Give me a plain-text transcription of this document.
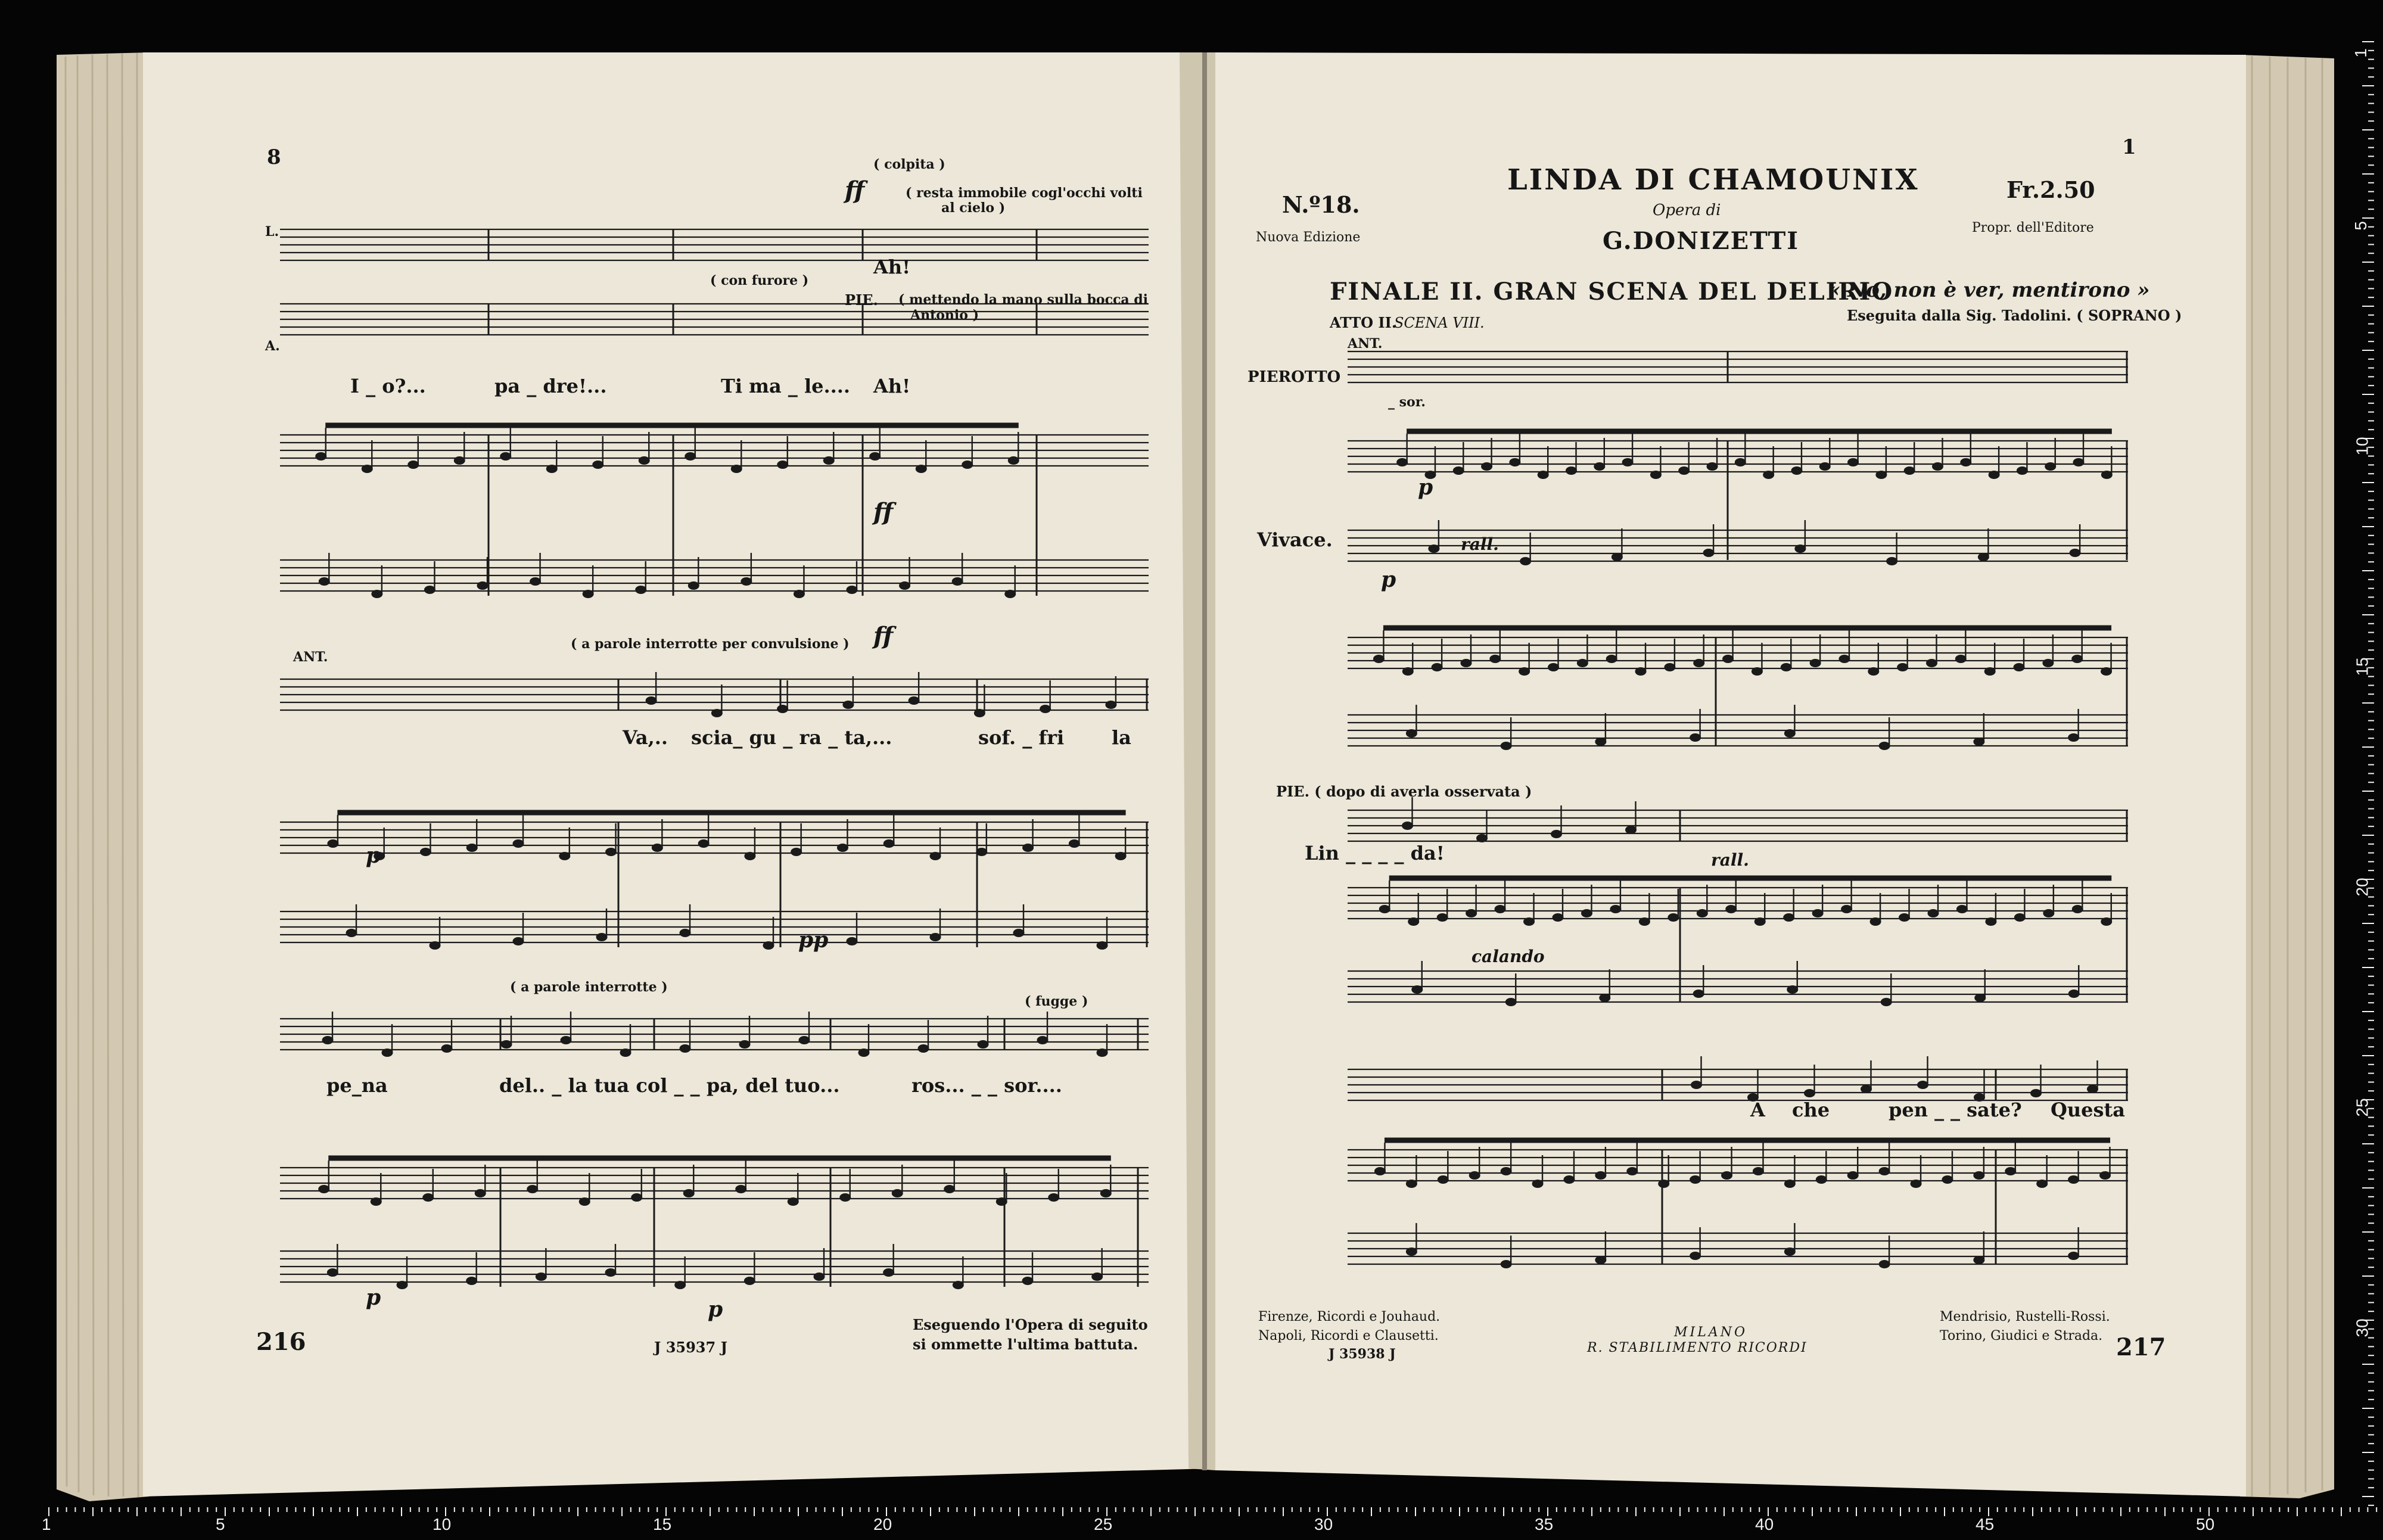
8
216	J 35937 J
L.
A.
( colpita )
( resta immobile cogl'occhi volti
al cielo )
ff
Ah!
( con furore )
PIE. ( mettendo la mano sulla bocca di
Antonio )
I _ o?...	pa _ dre!...	Ti ma _ le.... Ah!
ff
ff
ANT.
( a parole interrotte per convulsione )
Va,.. scia_ gu _ ra _ ta,...	sof. _ fri la
p
pp
( a parole interrotte )
( fugge )
pe_na	del.. _ la tua col _ _ pa, del tuo...	ros... _ _ sor....
p	p
Eseguendo l'Opera di seguito
si ommette l'ultima battuta.
1
N.º18.
Fr.2.50
LINDA DI CHAMOUNIX
Opera di
G.DONIZETTI
Nuova Edizione
Propr. dell'Editore
FINALE II. GRAN SCENA DEL DELIRIO
« No, non è ver, mentirono »
ATTO II.
SCENA VIII.	Eseguita dalla Sig. Tadolini. ( SOPRANO )
PIEROTTO
ANT.
_ sor.
Vivace.
p
rall.
p
PIE. ( dopo di averla osservata )
Lin _ _ _ _ da!	rall.
calando
A che	pen _ _ sate? Questa
Firenze, Ricordi e Jouhaud.
Napoli, Ricordi e Clausetti.
J 35938 J
MILANO
R. STABILIMENTO RICORDI
Mendrisio, Rustelli-Rossi.
Torino, Giudici e Strada. 217
1	5	10	15	20	25	30	35	40	45	50
1
5
10
15
20
25
30
